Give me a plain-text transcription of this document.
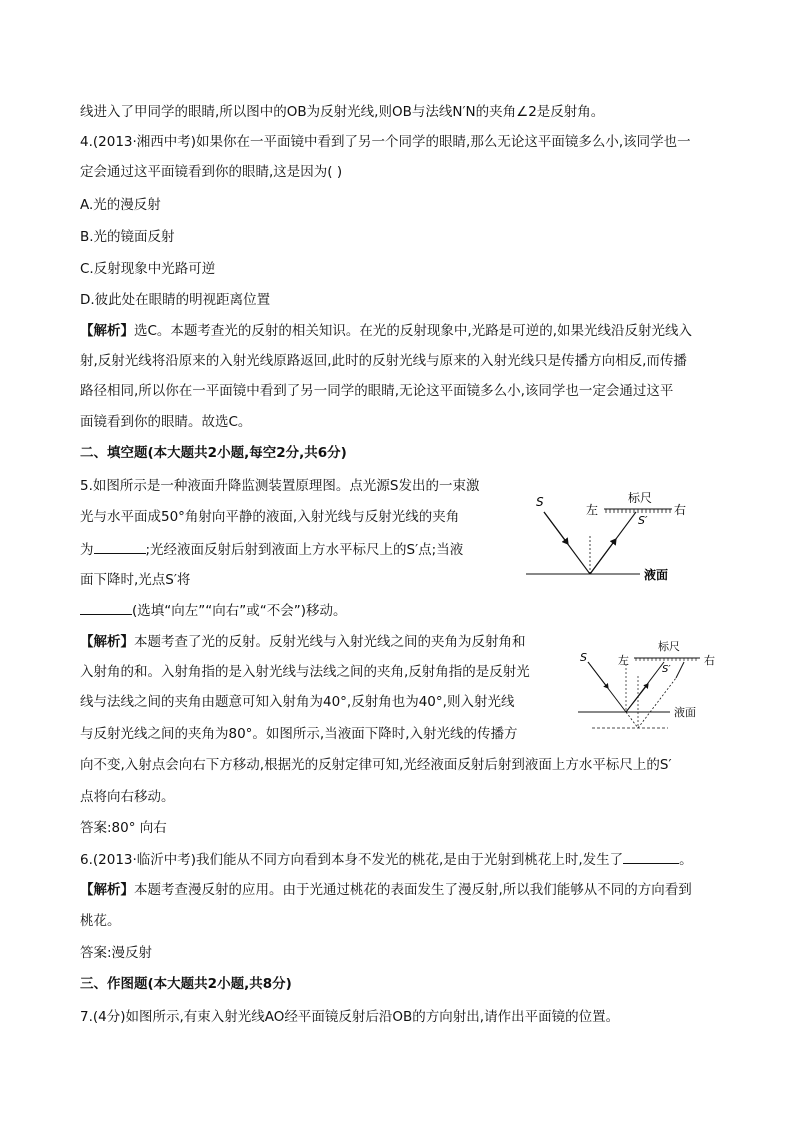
线进入了甲同学的眼睛,所以图中的OB为反射光线,则OB与法线N′N的夹角∠2是反射角。
4.(2013·湘西中考)如果你在一平面镜中看到了另一个同学的眼睛,那么无论这平面镜多么小,该同学也一
定会通过这平面镜看到你的眼睛,这是因为( )
A.光的漫反射
B.光的镜面反射
C.反射现象中光路可逆
D.彼此处在眼睛的明视距离位置
【解析】选C。本题考查光的反射的相关知识。在光的反射现象中,光路是可逆的,如果光线沿反射光线入
射,反射光线将沿原来的入射光线原路返回,此时的反射光线与原来的入射光线只是传播方向相反,而传播
路径相同,所以你在一平面镜中看到了另一同学的眼睛,无论这平面镜多么小,该同学也一定会通过这平
面镜看到你的眼睛。故选C。
二、填空题(本大题共2小题,每空2分,共6分)
5.如图所示是一种液面升降监测装置原理图。点光源S发出的一束激
光与水平面成50°角射向平静的液面,入射光线与反射光线的夹角
为	;光经液面反射后射到液面上方水平标尺上的S′点;当液
面下降时,光点S′将
(选填“向左”“向右”或“不会”)移动。
【解析】本题考查了光的反射。反射光线与入射光线之间的夹角为反射角和
入射角的和。入射角指的是入射光线与法线之间的夹角,反射角指的是反射光
线与法线之间的夹角由题意可知入射角为40°,反射角也为40°,则入射光线
与反射光线之间的夹角为80°。如图所示,当液面下降时,入射光线的传播方
向不变,入射点会向右下方移动,根据光的反射定律可知,光经液面反射后射到液面上方水平标尺上的S′
点将向右移动。
答案:80° 向右
6.(2013·临沂中考)我们能从不同方向看到本身不发光的桃花,是由于光射到桃花上时,发生了	。
【解析】本题考查漫反射的应用。由于光通过桃花的表面发生了漫反射,所以我们能够从不同的方向看到
桃花。
答案:漫反射
三、作图题(本大题共2小题,共8分)
7.(4分)如图所示,有束入射光线AO经平面镜反射后沿OB的方向射出,请作出平面镜的位置。
S
左
标尺
右
S′
液面
S	左
标尺
右
S′
液面
